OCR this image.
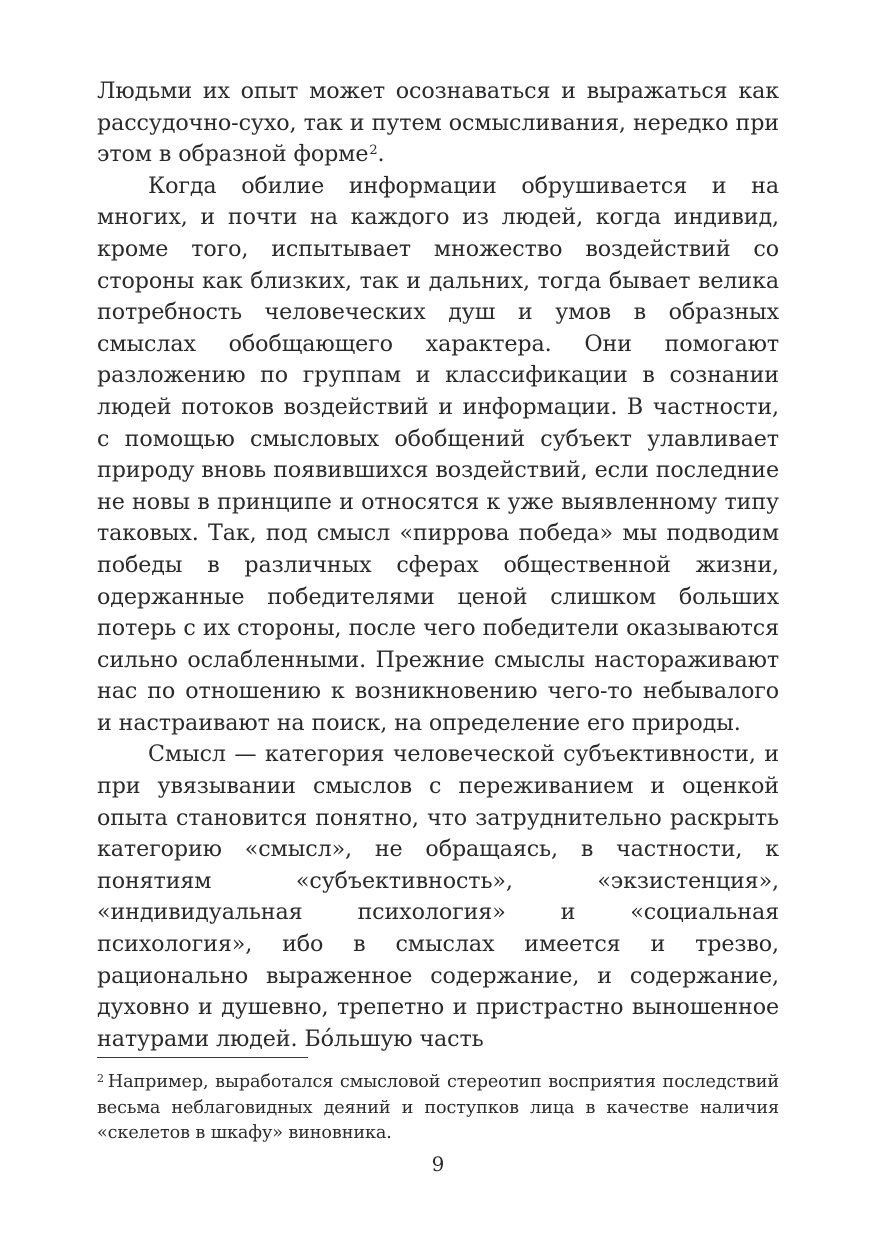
Людьми их опыт может осознаваться и выражаться как рассудочно-сухо, так и путем осмысливания, нередко при этом в образной форме$^2$.

Когда обилие информации обрушивается и на многих, и почти на каждого из людей, когда индивид, кроме того, испытывает множество воздействий со стороны как близких, так и дальних, тогда бывает велика потребность человеческих душ и умов в образных смыслах обобщающего характера. Они помогают разложению по группам и классификации в сознании людей потоков воздействий и информации. В частности, с помощью смысловых обобщений субъект улавливает природу вновь появившихся воздействий, если последние не новы в принципе и относятся к уже выявленному типу таковых. Так, под смысл «пиррова победа» мы подводим победы в различных сферах общественной жизни, одержанные победителями ценой слишком больших потерь с их стороны, после чего победители оказываются сильно ослабленными. Прежние смыслы настораживают нас по отношению к возникновению чего-то небывалого и настраивают на поиск, на определение его природы.

Смысл — категория человеческой субъективности, и при увязывании смыслов с переживанием и оценкой опыта становится понятно, что затруднительно раскрыть категорию «смысл», не обращаясь, в частности, к понятиям «субъективность», «экзистенция», «индивидуальная психология» и «социальная психология», ибо в смыслах имеется и трезво, рационально выраженное содержание, и содержание, духовно и душевно, трепетно и пристрастно выношенное натурами людей. Бо́льшую часть

$^2$ Например, выработался смысловой стереотип восприятия последствий весьма неблаговидных деяний и поступков лица в качестве наличия «скелетов в шкафу» виновника.

9
